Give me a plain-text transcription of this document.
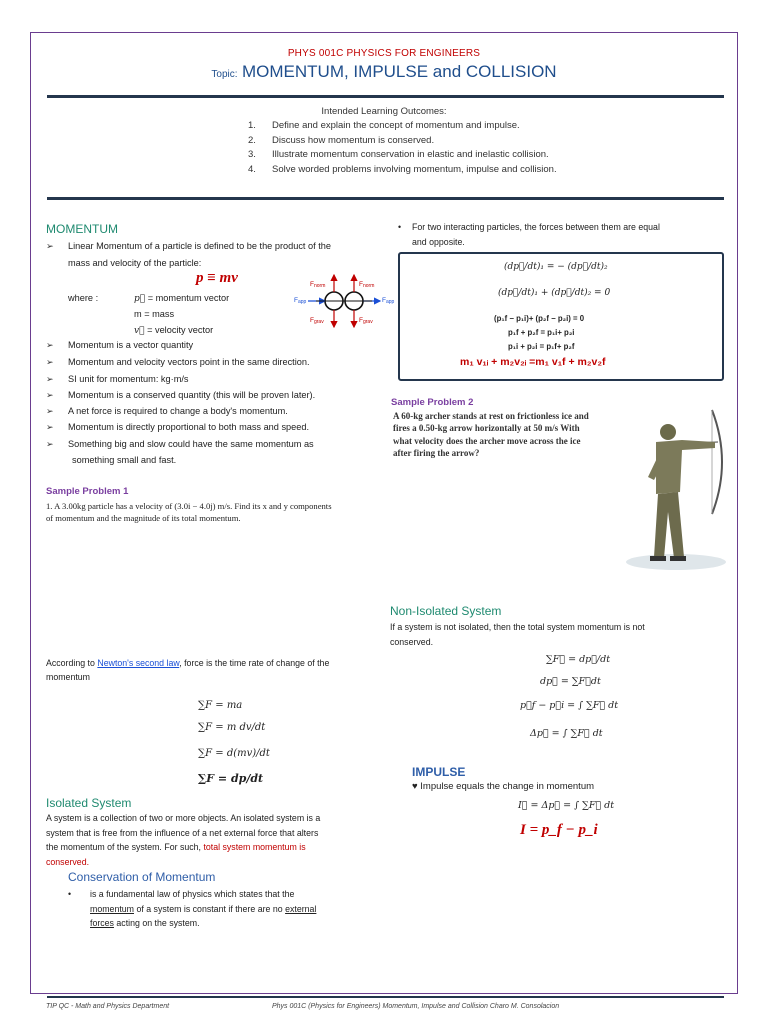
PHYS 001C PHYSICS FOR ENGINEERS
Topic: MOMENTUM, IMPULSE and COLLISION
Intended Learning Outcomes:
1.	Define and explain the concept of momentum and impulse.
2.	Discuss how momentum is conserved.
3.	Illustrate momentum conservation in elastic and inelastic collision.
4.	Solve worded problems involving momentum, impulse and collision.
MOMENTUM
➢	Linear Momentum of a particle is defined to be the product of the
mass and velocity of the particle:
p ≡ mv
where :	p⃗ = momentum vector
m = mass
v⃗ = velocity vector
Fnorm	Fnorm
Fgrav	Fgrav
Fapp	Fapp
➢	Momentum is a vector quantity
➢	Momentum and velocity vectors point in the same direction.
➢	SI unit for momentum: kg·m/s
➢	Momentum is a conserved quantity (this will be proven later).
➢	A net force is required to change a body's momentum.
➢	Momentum is directly proportional to both mass and speed.
➢	Something big and slow could have the same momentum as
something small and fast.
Sample Problem 1
1. A 3.00kg particle has a velocity of (3.0i − 4.0j) m/s. Find its x and y components
of momentum and the magnitude of its total momentum.
According to Newton's second law, force is the time rate of change of the
momentum
∑F = ma
∑F = m dv/dt
∑F = d(mv)/dt
∑F = dp/dt
Isolated System
A system is a collection of two or more objects. An isolated system is a
system that is free from the influence of a net external force that alters
the momentum of the system. For such, total system momentum is
conserved.
Conservation of Momentum
•	is a fundamental law of physics which states that the
momentum of a system is constant if there are no external
forces acting on the system.
•	For two interacting particles, the forces between them are equal
and opposite.
(dp⃗/dt)₁ = − (dp⃗/dt)₂
(dp⃗/dt)₁ + (dp⃗/dt)₂ = 0
(p₁f − p₁i)+ (p₂f − p₂i) = 0
p₁f + p₂f = p₁i+ p₂i
p₁i + p₂i = p₁f+ p₂f
m₁ v₁ᵢ + m₂v₂ᵢ =m₁ v₁f + m₂v₂f
Sample Problem 2
A 60-kg archer stands at rest on frictionless ice and
fires a 0.50-kg arrow horizontally at 50 m/s With
what velocity does the archer move across the ice
after firing the arrow?
Non-Isolated System
If a system is not isolated, then the total system momentum is not
conserved.
∑F⃗ = dp⃗/dt
dp⃗ = ∑F⃗dt
p⃗f − p⃗i = ∫ ∑F⃗ dt
Δp⃗ = ∫ ∑F⃗ dt
IMPULSE
♥ Impulse equals the change in momentum
I⃗ = Δp⃗ = ∫ ∑F⃗ dt
I = p_f − p_i
TIP QC - Math and Physics Department	Phys 001C (Physics for Engineers) Momentum, Impulse and Collision Charo M. Consolacion
